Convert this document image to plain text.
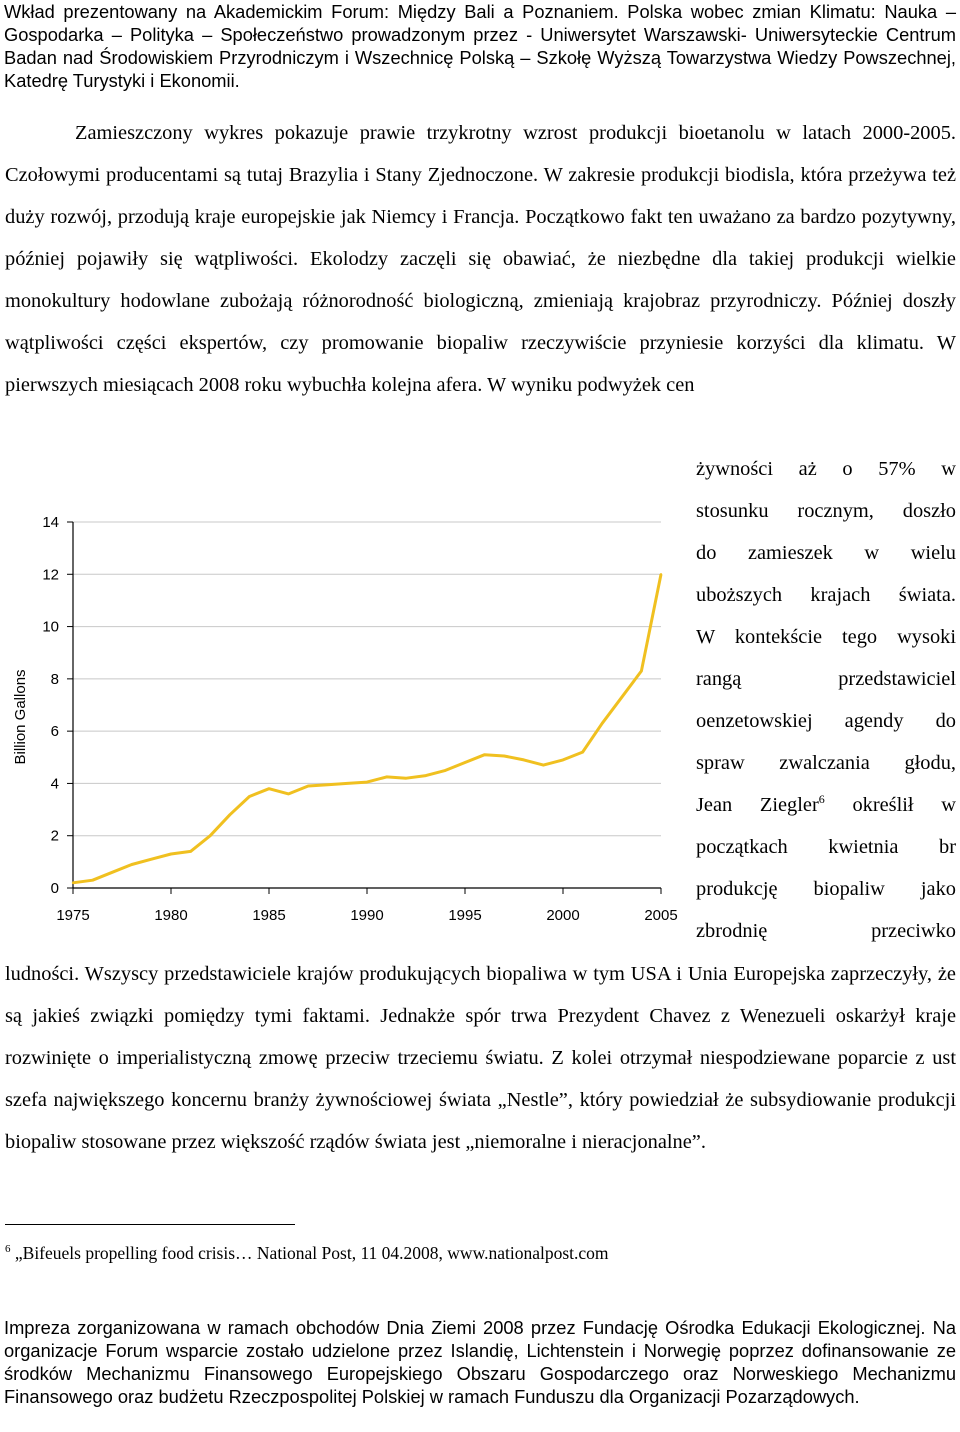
Wkład prezentowany na Akademickim Forum: Między Bali a Poznaniem. Polska wobec zmian Klimatu: Nauka – Gospodarka – Polityka – Społeczeństwo prowadzonym przez - Uniwersytet Warszawski- Uniwersyteckie Centrum Badan nad Środowiskiem Przyrodniczym i Wszechnicę Polską – Szkołę Wyższą Towarzystwa Wiedzy Powszechnej, Katedrę Turystyki i Ekonomii.

Zamieszczony wykres pokazuje prawie trzykrotny wzrost produkcji bioetanolu w latach 2000-2005. Czołowymi producentami są tutaj Brazylia i Stany Zjednoczone. W zakresie produkcji biodisla, która przeżywa też duży rozwój, przodują kraje europejskie jak Niemcy i Francja. Początkowo fakt ten uważano za bardzo pozytywny, później pojawiły się wątpliwości. Ekolodzy zaczęli się obawiać, że niezbędne dla takiej produkcji wielkie monokultury hodowlane zubożają różnorodność biologiczną, zmieniają krajobraz przyrodniczy. Później doszły wątpliwości części ekspertów, czy promowanie biopaliw rzeczywiście przyniesie korzyści dla klimatu. W pierwszych miesiącach 2008 roku wybuchła kolejna afera. W wyniku podwyżek cen

0
2
4
6
8
10
12
14
1975	1980	1985	1990	1995	2000	2005
Billion Gallons
żywności aż o 57% w
stosunku rocznym, doszło
do zamieszek w wielu
uboższych krajach świata.
W kontekście tego wysoki
rangą przedstawiciel
oenzetowskiej agendy do
spraw zwalczania głodu,
Jean Ziegler$^6$ określił w
początkach kwietnia br
produkcję biopaliw jako
zbrodnię przeciwko

ludności. Wszyscy przedstawiciele krajów produkujących biopaliwa w tym USA i Unia Europejska zaprzeczyły, że są jakieś związki pomiędzy tymi faktami. Jednakże spór trwa Prezydent Chavez z Wenezueli oskarżył kraje rozwinięte o imperialistyczną zmowę przeciw trzeciemu światu. Z kolei otrzymał niespodziewane poparcie z ust szefa największego koncernu branży żywnościowej świata „Nestle”, który powiedział że subsydiowanie produkcji biopaliw stosowane przez większość rządów świata jest „niemoralne i nieracjonalne”.

$^6$ „Bifeuels propelling food crisis… National Post, 11 04.2008, www.nationalpost.com

Impreza zorganizowana w ramach obchodów Dnia Ziemi 2008 przez Fundację Ośrodka Edukacji Ekologicznej. Na organizacje Forum wsparcie zostało udzielone przez Islandię, Lichtenstein i Norwegię poprzez dofinansowanie ze środków Mechanizmu Finansowego Europejskiego Obszaru Gospodarczego oraz Norweskiego Mechanizmu Finansowego oraz budżetu Rzeczpospolitej Polskiej w ramach Funduszu dla Organizacji Pozarządowych.
